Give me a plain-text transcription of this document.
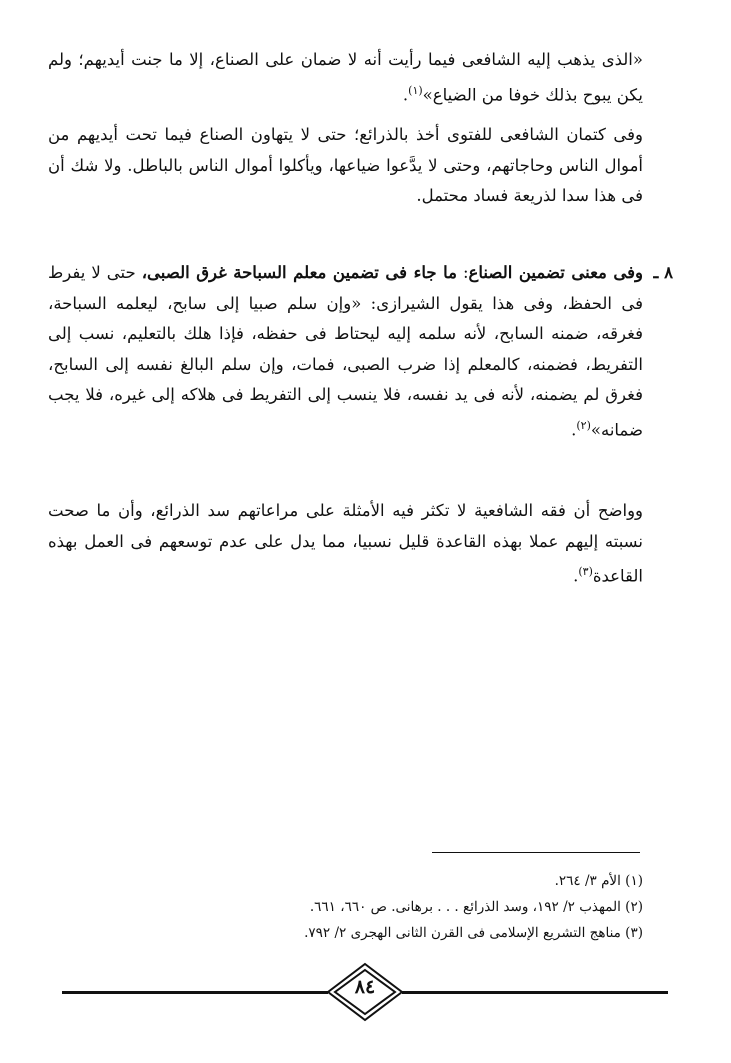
«الذى يذهب إليه الشافعى فيما رأيت أنه لا ضمان على الصناع، إلا ما جنت أيديهم؛ ولم يكن يبوح بذلك خوفا من الضياع»$^{(١)}$.

وفى كتمان الشافعى للفتوى أخذ بالذرائع؛ حتى لا يتهاون الصناع فيما تحت أيديهم من أموال الناس وحاجاتهم، وحتى لا يدَّعوا ضياعها، ويأكلوا أموال الناس بالباطل. ولا شك أن فى هذا سدا لذريعة فساد محتمل.

٨ ـ

وفى معنى تضمين الصناع: ما جاء فى تضمين معلم السباحة غرق الصبى، حتى لا يفرط فى الحفظ، وفى هذا يقول الشيرازى: «وإن سلم صبيا إلى سابح، ليعلمه السباحة، فغرقه، ضمنه السابح، لأنه سلمه إليه ليحتاط فى حفظه، فإذا هلك بالتعليم، نسب إلى التفريط، فضمنه، كالمعلم إذا ضرب الصبى، فمات، وإن سلم البالغ نفسه إلى السابح، فغرق لم يضمنه، لأنه فى يد نفسه، فلا ينسب إلى التفريط فى هلاكه إلى غيره، فلا يجب ضمانه»$^{(٢)}$.

وواضح أن فقه الشافعية لا تكثر فيه الأمثلة على مراعاتهم سد الذرائع، وأن ما صحت نسبته إليهم عملا بهذه القاعدة قليل نسبيا، مما يدل على عدم توسعهم فى العمل بهذه القاعدة$^{(٣)}$.

(١) الأم ٣/ ٢٦٤.
(٢) المهذب ٢/ ١٩٢، وسد الذرائع . . . برهانى. ص ٦٦٠، ٦٦١.
(٣) مناهج التشريع الإسلامى فى القرن الثانى الهجرى ٢/ ٧٩٢.
٨٤
